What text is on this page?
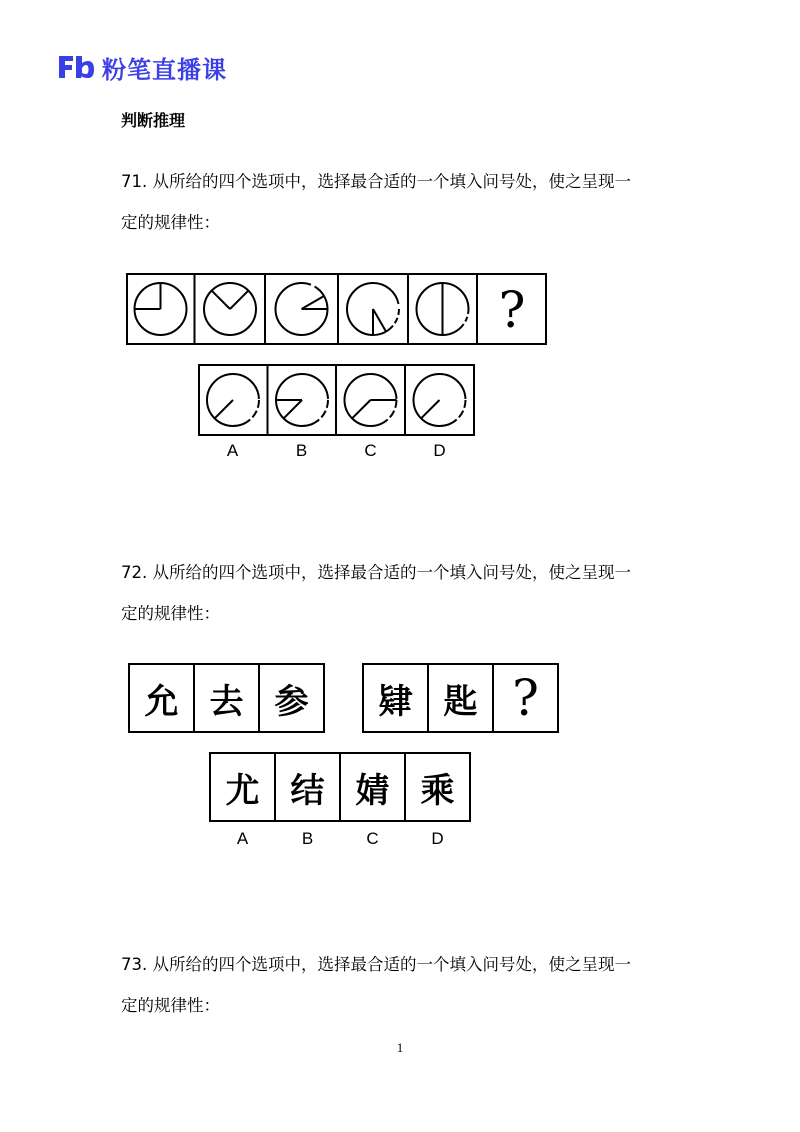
粉笔直播课
判断推理
71. 从所给的四个选项中，选择最合适的一个填入问号处，使之呈现一
定的规律性：
?
A	B	C	D
72. 从所给的四个选项中，选择最合适的一个填入问号处，使之呈现一
定的规律性：
允 去 参	肄 匙 ?
尤 结 婧 乘
A	B	C	D
73. 从所给的四个选项中，选择最合适的一个填入问号处，使之呈现一
定的规律性：
1
